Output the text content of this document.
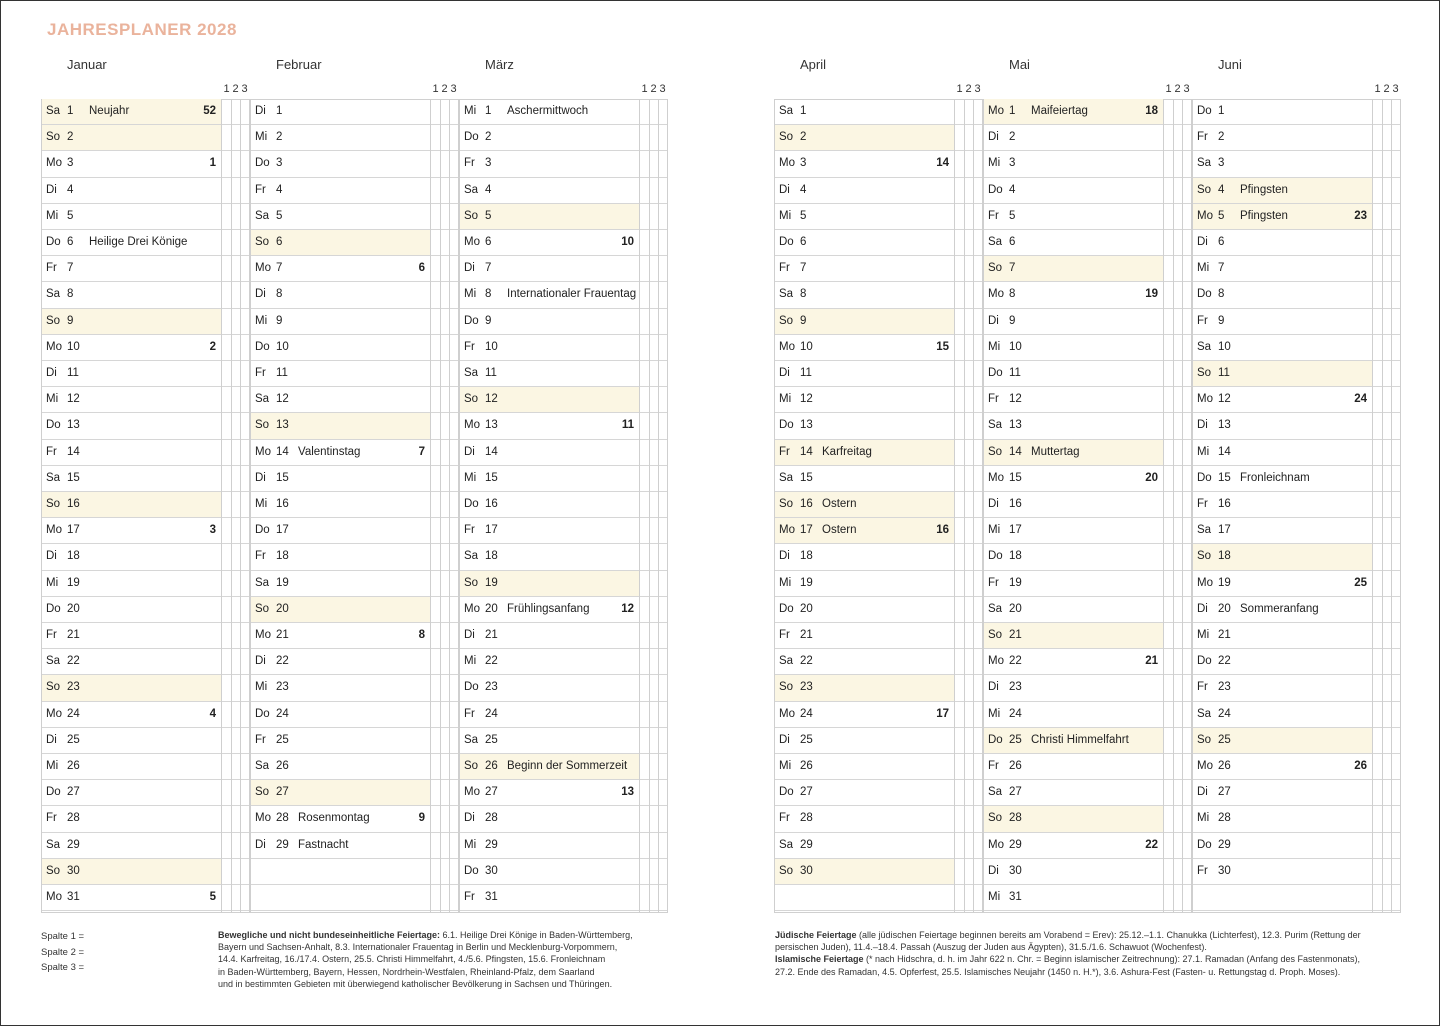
JAHRESPLANER 2028
Januar
1 2 3
Sa 1 Neujahr	52
So 2
Mo 3	1
Di 4
Mi 5
Do 6 Heilige Drei Könige
Fr 7
Sa 8
So 9
Mo 10	2
Di 11
Mi 12
Do 13
Fr 14
Sa 15
So 16
Mo 17	3
Di 18
Mi 19
Do 20
Fr 21
Sa 22
So 23
Mo 24	4
Di 25
Mi 26
Do 27
Fr 28
Sa 29
So 30
Mo 31	5
Februar
1 2 3
Di 1
Mi 2
Do 3
Fr 4
Sa 5
So 6
Mo 7	6
Di 8
Mi 9
Do 10
Fr 11
Sa 12
So 13
Mo 14 Valentinstag	7
Di 15
Mi 16
Do 17
Fr 18
Sa 19
So 20
Mo 21	8
Di 22
Mi 23
Do 24
Fr 25
Sa 26
So 27
Mo 28 Rosenmontag	9
Di 29 Fastnacht
März
1 2 3
Mi 1 Aschermittwoch
Do 2
Fr 3
Sa 4
So 5
Mo 6	10
Di 7
Mi 8 Internationaler Frauentag
Do 9
Fr 10
Sa 11
So 12
Mo 13	11
Di 14
Mi 15
Do 16
Fr 17
Sa 18
So 19
Mo 20 Frühlingsanfang	12
Di 21
Mi 22
Do 23
Fr 24
Sa 25
So 26 Beginn der Sommerzeit
Mo 27	13
Di 28
Mi 29
Do 30
Fr 31
April
1 2 3
Sa 1
So 2
Mo 3	14
Di 4
Mi 5
Do 6
Fr 7
Sa 8
So 9
Mo 10	15
Di 11
Mi 12
Do 13
Fr 14 Karfreitag
Sa 15
So 16 Ostern
Mo 17 Ostern	16
Di 18
Mi 19
Do 20
Fr 21
Sa 22
So 23
Mo 24	17
Di 25
Mi 26
Do 27
Fr 28
Sa 29
So 30
Mai
1 2 3
Mo 1 Maifeiertag	18
Di 2
Mi 3
Do 4
Fr 5
Sa 6
So 7
Mo 8	19
Di 9
Mi 10
Do 11
Fr 12
Sa 13
So 14 Muttertag
Mo 15	20
Di 16
Mi 17
Do 18
Fr 19
Sa 20
So 21
Mo 22	21
Di 23
Mi 24
Do 25 Christi Himmelfahrt
Fr 26
Sa 27
So 28
Mo 29	22
Di 30
Mi 31
Juni
1 2 3
Do 1
Fr 2
Sa 3
So 4 Pfingsten
Mo 5 Pfingsten	23
Di 6
Mi 7
Do 8
Fr 9
Sa 10
So 11
Mo 12	24
Di 13
Mi 14
Do 15 Fronleichnam
Fr 16
Sa 17
So 18
Mo 19	25
Di 20 Sommeranfang
Mi 21
Do 22
Fr 23
Sa 24
So 25
Mo 26	26
Di 27
Mi 28
Do 29
Fr 30
Spalte 1 =
Spalte 2 =
Spalte 3 =
Bewegliche und nicht bundeseinheitliche Feiertage: 6.1. Heilige Drei Könige in Baden-Württemberg,
Bayern und Sachsen-Anhalt, 8.3. Internationaler Frauentag in Berlin und Mecklenburg-Vorpommern,
14.4. Karfreitag, 16./17.4. Ostern, 25.5. Christi Himmelfahrt, 4./5.6. Pfingsten, 15.6. Fronleichnam
in Baden-Württemberg, Bayern, Hessen, Nordrhein-Westfalen, Rheinland-Pfalz, dem Saarland
und in bestimmten Gebieten mit überwiegend katholischer Bevölkerung in Sachsen und Thüringen.
Jüdische Feiertage (alle jüdischen Feiertage beginnen bereits am Vorabend = Erev): 25.12.–1.1. Chanukka (Lichterfest), 12.3. Purim (Rettung der
persischen Juden), 11.4.–18.4. Passah (Auszug der Juden aus Ägypten), 31.5./1.6. Schawuot (Wochenfest).
Islamische Feiertage (* nach Hidschra, d. h. im Jahr 622 n. Chr. = Beginn islamischer Zeitrechnung): 27.1. Ramadan (Anfang des Fastenmonats),
27.2. Ende des Ramadan, 4.5. Opferfest, 25.5. Islamisches Neujahr (1450 n. H.*), 3.6. Ashura-Fest (Fasten- u. Rettungstag d. Proph. Moses).
